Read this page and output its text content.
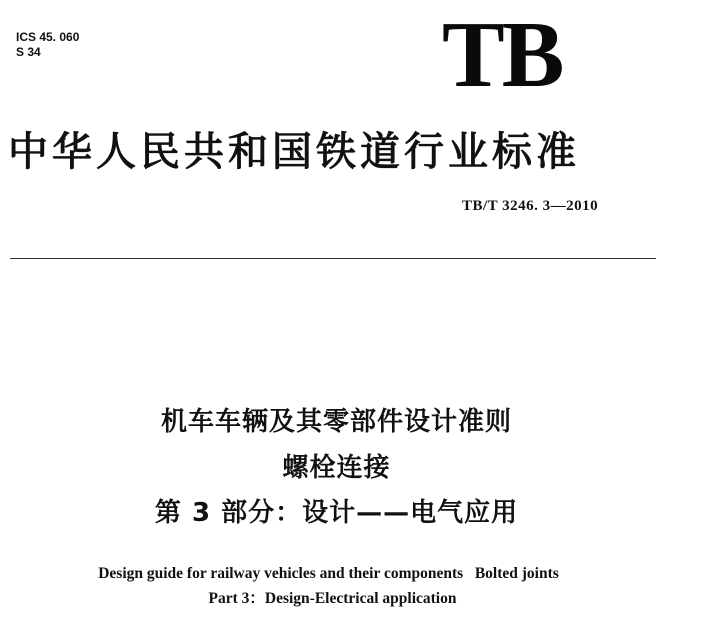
ICS 45. 060
S 34	TB
中华人民共和国铁道行业标准
TB/T 3246. 3—2010
机车车辆及其零部件设计准则
螺栓连接
第 3 部分：设计——电气应用
Design guide for railway vehicles and their components   Bolted joints
Part 3：Design-Electrical application
